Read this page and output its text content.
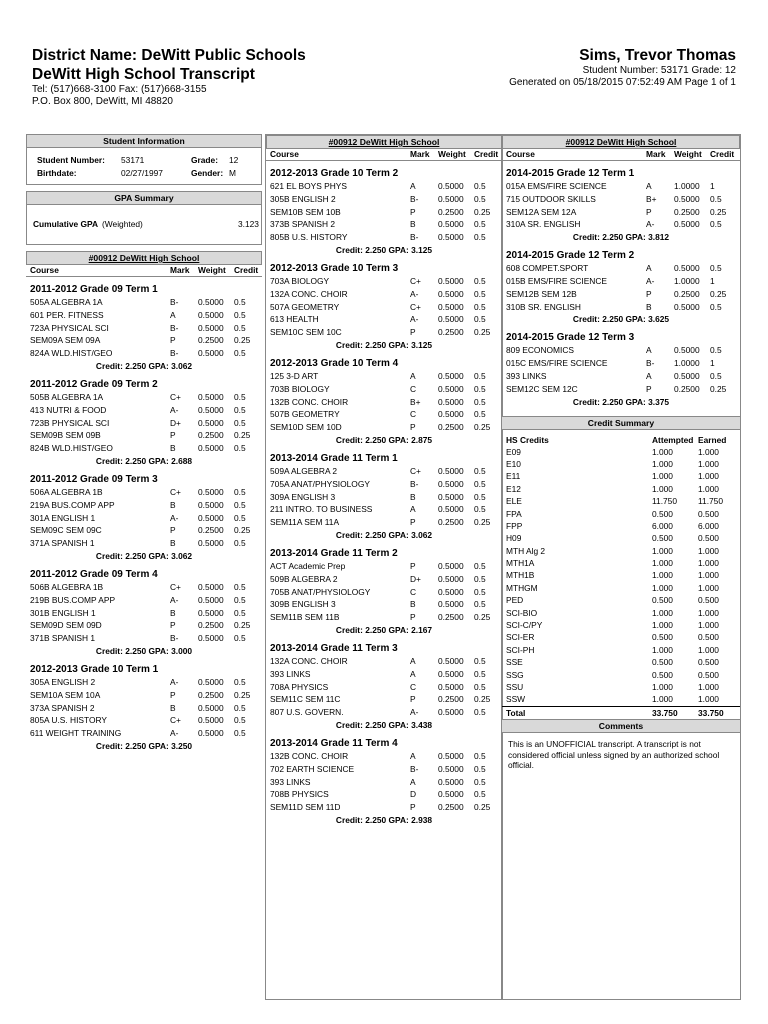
District Name: DeWitt Public Schools
DeWitt High School Transcript
Tel: (517)668-3100 Fax: (517)668-3155
P.O. Box 800, DeWitt, MI 48820
Sims, Trevor Thomas
Student Number: 53171 Grade: 12
Generated on 05/18/2015 07:52:49 AM Page 1 of 1
Student Information
Student Number:	53171	Grade:	12
Birthdate:	02/27/1997	Gender: M
GPA Summary
Cumulative GPA (Weighted)	3.123
#00912 DeWitt High School
Course	Mark	Weight Credit
2011-2012 Grade 09 Term 1
505A ALGEBRA 1A	B-	0.5000	0.5
601 PER. FITNESS	A	0.5000	0.5
723A PHYSICAL SCI	B-	0.5000	0.5
SEM09A SEM 09A	P	0.2500	0.25
824A WLD.HIST/GEO	B-	0.5000	0.5
Credit: 2.250 GPA: 3.062
2011-2012 Grade 09 Term 2
505B ALGEBRA 1A	C+	0.5000	0.5
413 NUTRI & FOOD	A-	0.5000	0.5
723B PHYSICAL SCI	D+	0.5000	0.5
SEM09B SEM 09B	P	0.2500	0.25
824B WLD.HIST/GEO	B	0.5000	0.5
Credit: 2.250 GPA: 2.688
2011-2012 Grade 09 Term 3
506A ALGEBRA 1B	C+	0.5000	0.5
219A BUS.COMP APP	B	0.5000	0.5
301A ENGLISH 1	A-	0.5000	0.5
SEM09C SEM 09C	P	0.2500	0.25
371A SPANISH 1	B	0.5000	0.5
Credit: 2.250 GPA: 3.062
2011-2012 Grade 09 Term 4
506B ALGEBRA 1B	C+	0.5000	0.5
219B BUS.COMP APP	A-	0.5000	0.5
301B ENGLISH 1	B	0.5000	0.5
SEM09D SEM 09D	P	0.2500	0.25
371B SPANISH 1	B-	0.5000	0.5
Credit: 2.250 GPA: 3.000
2012-2013 Grade 10 Term 1
305A ENGLISH 2	A-	0.5000	0.5
SEM10A SEM 10A	P	0.2500	0.25
373A SPANISH 2	B	0.5000	0.5
805A U.S. HISTORY	C+	0.5000	0.5
611 WEIGHT TRAINING	A-	0.5000	0.5
Credit: 2.250 GPA: 3.250
#00912 DeWitt High School
Course	Mark	Weight Credit
2012-2013 Grade 10 Term 2
621 EL BOYS PHYS	A	0.5000	0.5
305B ENGLISH 2	B-	0.5000	0.5
SEM10B SEM 10B	P	0.2500	0.25
373B SPANISH 2	B	0.5000	0.5
805B U.S. HISTORY	B-	0.5000	0.5
Credit: 2.250 GPA: 3.125
2012-2013 Grade 10 Term 3
703A BIOLOGY	C+	0.5000	0.5
132A CONC. CHOIR	A-	0.5000	0.5
507A GEOMETRY	C+	0.5000	0.5
613 HEALTH	A-	0.5000	0.5
SEM10C SEM 10C	P	0.2500	0.25
Credit: 2.250 GPA: 3.125
2012-2013 Grade 10 Term 4
125 3-D ART	A	0.5000	0.5
703B BIOLOGY	C	0.5000	0.5
132B CONC. CHOIR	B+	0.5000	0.5
507B GEOMETRY	C	0.5000	0.5
SEM10D SEM 10D	P	0.2500	0.25
Credit: 2.250 GPA: 2.875
2013-2014 Grade 11 Term 1
509A ALGEBRA 2	C+	0.5000	0.5
705A ANAT/PHYSIOLOGY	B-	0.5000	0.5
309A ENGLISH 3	B	0.5000	0.5
211 INTRO. TO BUSINESS	A	0.5000	0.5
SEM11A SEM 11A	P	0.2500	0.25
Credit: 2.250 GPA: 3.062
2013-2014 Grade 11 Term 2
ACT Academic Prep	P	0.5000	0.5
509B ALGEBRA 2	D+	0.5000	0.5
705B ANAT/PHYSIOLOGY	C	0.5000	0.5
309B ENGLISH 3	B	0.5000	0.5
SEM11B SEM 11B	P	0.2500	0.25
Credit: 2.250 GPA: 2.167
2013-2014 Grade 11 Term 3
132A CONC. CHOIR	A	0.5000	0.5
393 LINKS	A	0.5000	0.5
708A PHYSICS	C	0.5000	0.5
SEM11C SEM 11C	P	0.2500	0.25
807 U.S. GOVERN.	A-	0.5000	0.5
Credit: 2.250 GPA: 3.438
2013-2014 Grade 11 Term 4
132B CONC. CHOIR	A	0.5000	0.5
702 EARTH SCIENCE	B-	0.5000	0.5
393 LINKS	A	0.5000	0.5
708B PHYSICS	D	0.5000	0.5
SEM11D SEM 11D	P	0.2500	0.25
Credit: 2.250 GPA: 2.938
#00912 DeWitt High School
Course	Mark	Weight Credit
2014-2015 Grade 12 Term 1
015A EMS/FIRE SCIENCE	A	1.0000	1
715 OUTDOOR SKILLS	B+	0.5000	0.5
SEM12A SEM 12A	P	0.2500	0.25
310A SR. ENGLISH	A-	0.5000	0.5
Credit: 2.250 GPA: 3.812
2014-2015 Grade 12 Term 2
608 COMPET.SPORT	A	0.5000	0.5
015B EMS/FIRE SCIENCE	A-	1.0000	1
SEM12B SEM 12B	P	0.2500	0.25
310B SR. ENGLISH	B	0.5000	0.5
Credit: 2.250 GPA: 3.625
2014-2015 Grade 12 Term 3
809 ECONOMICS	A	0.5000	0.5
015C EMS/FIRE SCIENCE	B-	1.0000	1
393 LINKS	A	0.5000	0.5
SEM12C SEM 12C	P	0.2500	0.25
Credit: 2.250 GPA: 3.375
Credit Summary
HS Credits	Attempted Earned
E09	1.000	1.000
E10	1.000	1.000
E11	1.000	1.000
E12	1.000	1.000
ELE	11.750	11.750
FPA	0.500	0.500
FPP	6.000	6.000
H09	0.500	0.500
MTH Alg 2	1.000	1.000
MTH1A	1.000	1.000
MTH1B	1.000	1.000
MTHGM	1.000	1.000
PED	0.500	0.500
SCI-BIO	1.000	1.000
SCI-C/PY	1.000	1.000
SCI-ER	0.500	0.500
SCI-PH	1.000	1.000
SSE	0.500	0.500
SSG	0.500	0.500
SSU	1.000	1.000
SSW	1.000	1.000
Total	33.750	33.750
Comments
This is an UNOFFICIAL transcript. A transcript is not considered official unless signed by an authorized school official.
